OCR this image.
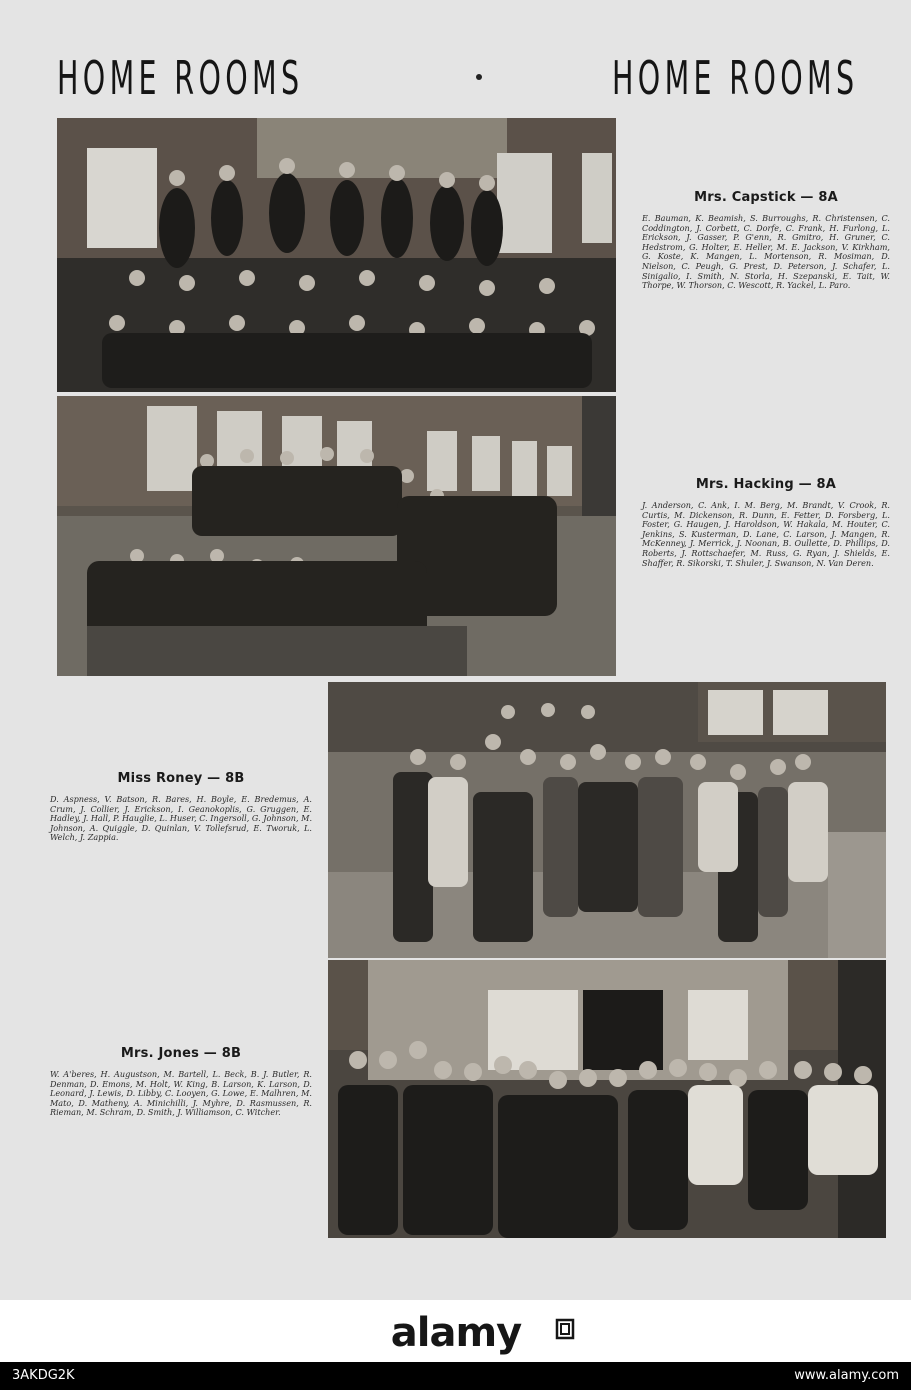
HOME ROOMS	HOME ROOMS
Mrs. Capstick — 8A
E. Bauman, K. Beamish, S. Burroughs, R. Christensen, C. Coddington, J. Corbett, C. Dorfe, C. Frank, H. Furlong, L. Erickson, J. Gasser, P. G'enn, R. Gmitro, H. Gruner, C. Hedstrom, G. Holter, E. Heller, M. E. Jackson, V. Kirkham, G. Koste, K. Mangen, L. Mortenson, R. Mosiman, D. Nielson, C. Peugh, G. Prest, D. Peterson, J. Schafer, L. Sinigalio, I. Smith, N. Storla, H. Szepanski, E. Tait, W. Thorpe, W. Thorson, C. Wescott, R. Yackel, L. Paro.
Mrs. Hacking — 8A
J. Anderson, C. Ank, I. M. Berg, M. Brandt, V. Crook, R. Curtis, M. Dickenson, R. Dunn, E. Fetter, D. Forsberg, L. Foster, G. Haugen, J. Haroldson, W. Hakala, M. Houter, C. Jenkins, S. Kusterman, D. Lane, C. Larson, J. Mangen, R. McKenney, J. Merrick, J. Noonan, B. Oullette, D. Phillips, D. Roberts, J. Rottschaefer, M. Russ, G. Ryan, J. Shields, E. Shaffer, R. Sikorski, T. Shuler, J. Swanson, N. Van Deren.
Miss Roney — 8B
D. Aspness, V. Batson, R. Bares, H. Boyle, E. Bredemus, A. Crum, J. Collier, J. Erickson, I. Geanokoplis, G. Gruggen, E. Hadley, J. Hall, P. Hauglie, L. Huser, C. Ingersoll, G. Johnson, M. Johnson, A. Quiggle, D. Quinlan, V. Tollefsrud, E. Tworuk, L. Welch, J. Zappia.
Mrs. Jones — 8B
W. A'beres, H. Augustson, M. Bartell, L. Beck, B. J. Butler, R. Denman, D. Emons, M. Holt, W. King, B. Larson, K. Larson, D. Leonard, J. Lewis, D. Libby, C. Looyen, G. Lowe, E. Malhren, M. Mato, D. Matheny, A. Minichilli, J. Myhre, D. Rasmussen, R. Rieman, M. Schram, D. Smith, J. Williamson, C. Witcher.
alamy
3AKDG2K	www.alamy.com
